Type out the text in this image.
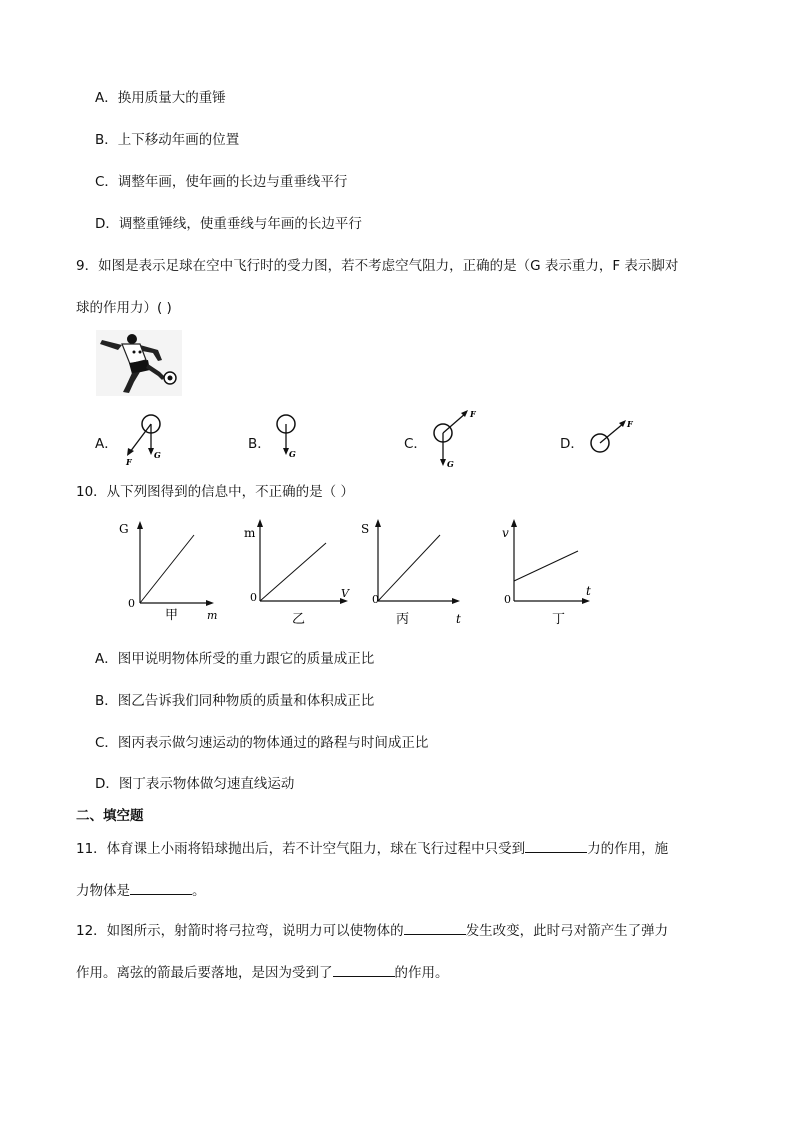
A．换用质量大的重锤
B．上下移动年画的位置
C．调整年画，使年画的长边与重垂线平行
D．调整重锤线，使重垂线与年画的长边平行
9．如图是表示足球在空中飞行时的受力图，若不考虑空气阻力，正确的是（G 表示重力，F 表示脚对
球的作用力）( )
A．
F
G
B．
G
C．
F
G
D．
F
10．从下列图得到的信息中，不正确的是（ ）
G
0
m
甲
m
0	V
乙
S
0
t
丙
v
0
t
丁
A．图甲说明物体所受的重力跟它的质量成正比
B．图乙告诉我们同种物质的质量和体积成正比
C．图丙表示做匀速运动的物体通过的路程与时间成正比
D．图丁表示物体做匀速直线运动
二、填空题
11．体育课上小雨将铅球抛出后，若不计空气阻力，球在飞行过程中只受到	力的作用，施
力物体是	。
12．如图所示，射箭时将弓拉弯，说明力可以使物体的	发生改变，此时弓对箭产生了弹力
作用。离弦的箭最后要落地，是因为受到了	的作用。
